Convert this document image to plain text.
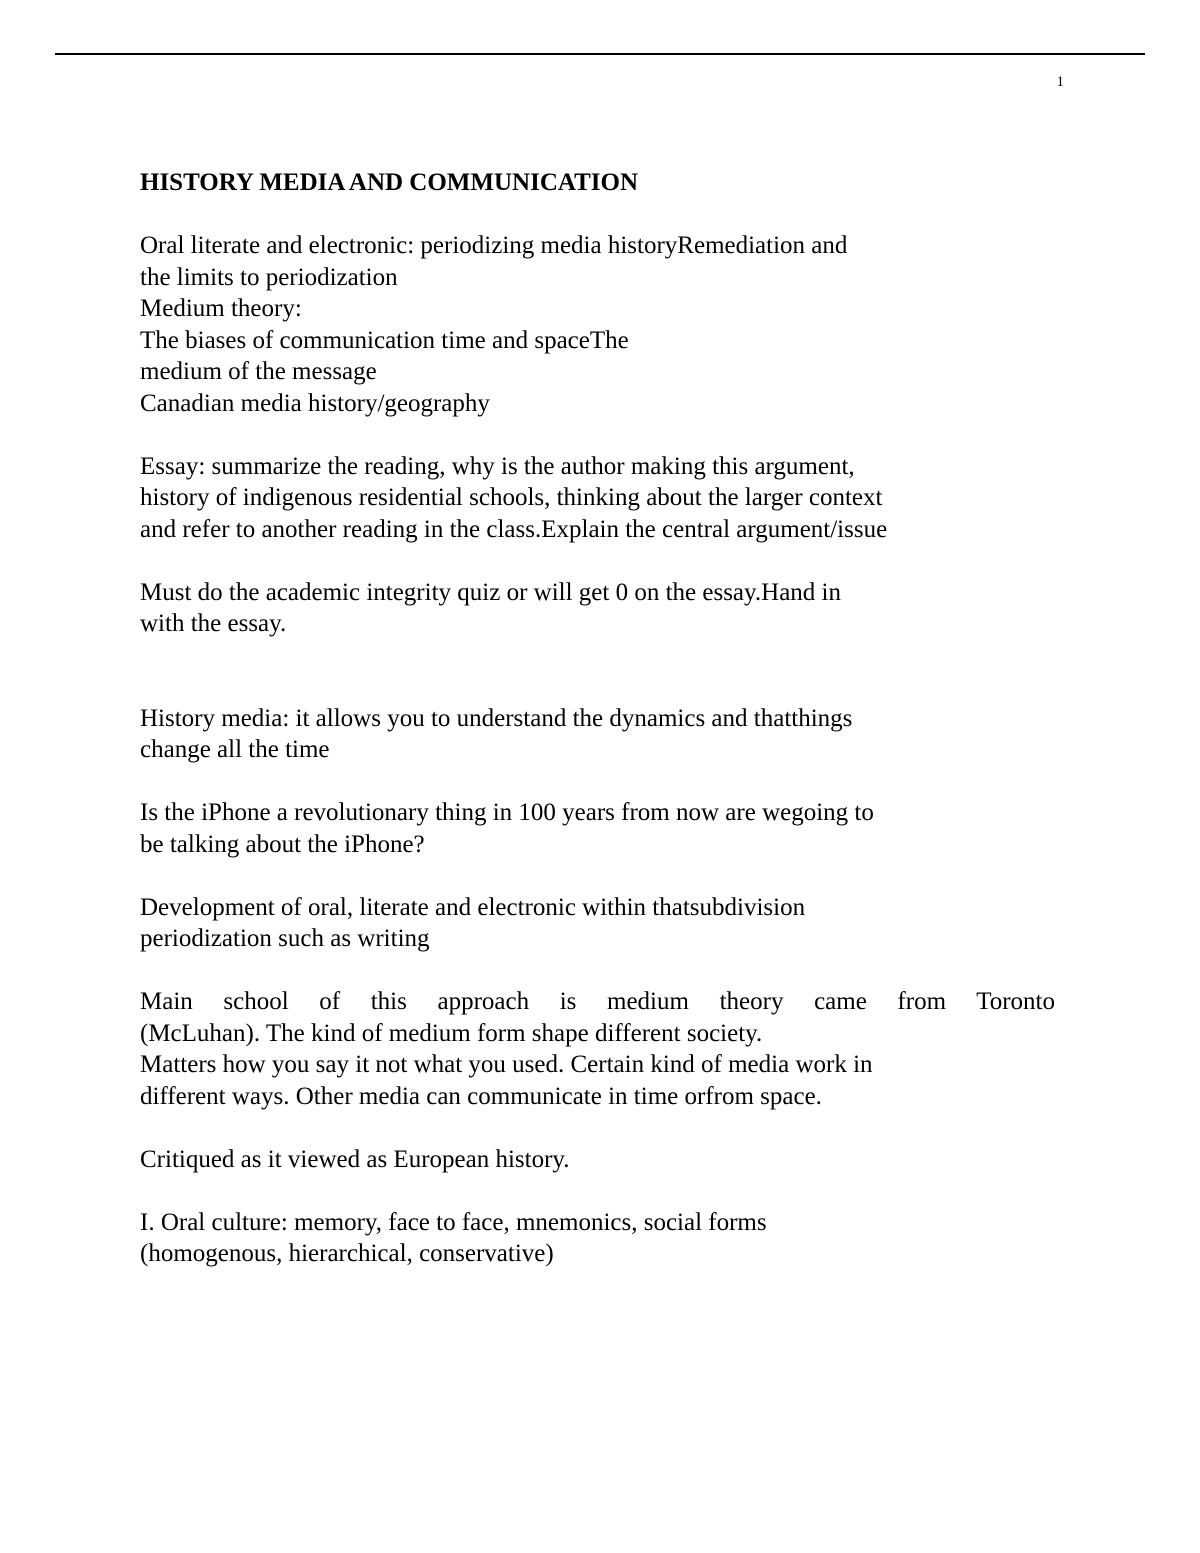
1
HISTORY MEDIA AND COMMUNICATION
Oral literate and electronic: periodizing media historyRemediation and
the limits to periodization
Medium theory:
The biases of communication time and spaceThe
medium of the message
Canadian media history/geography
Essay: summarize the reading, why is the author making this argument,
history of indigenous residential schools, thinking about the larger context
and refer to another reading in the class.Explain the central argument/issue
Must do the academic integrity quiz or will get 0 on the essay.Hand in
with the essay.
History media: it allows you to understand the dynamics and thatthings
change all the time
Is the iPhone a revolutionary thing in 100 years from now are wegoing to
be talking about the iPhone?
Development of oral, literate and electronic within thatsubdivision
periodization such as writing
Main school of this approach is medium theory came from Toronto
(McLuhan). The kind of medium form shape different society.
Matters how you say it not what you used. Certain kind of media work in
different ways. Other media can communicate in time orfrom space.
Critiqued as it viewed as European history.
I. Oral culture: memory, face to face, mnemonics, social forms
(homogenous, hierarchical, conservative)
